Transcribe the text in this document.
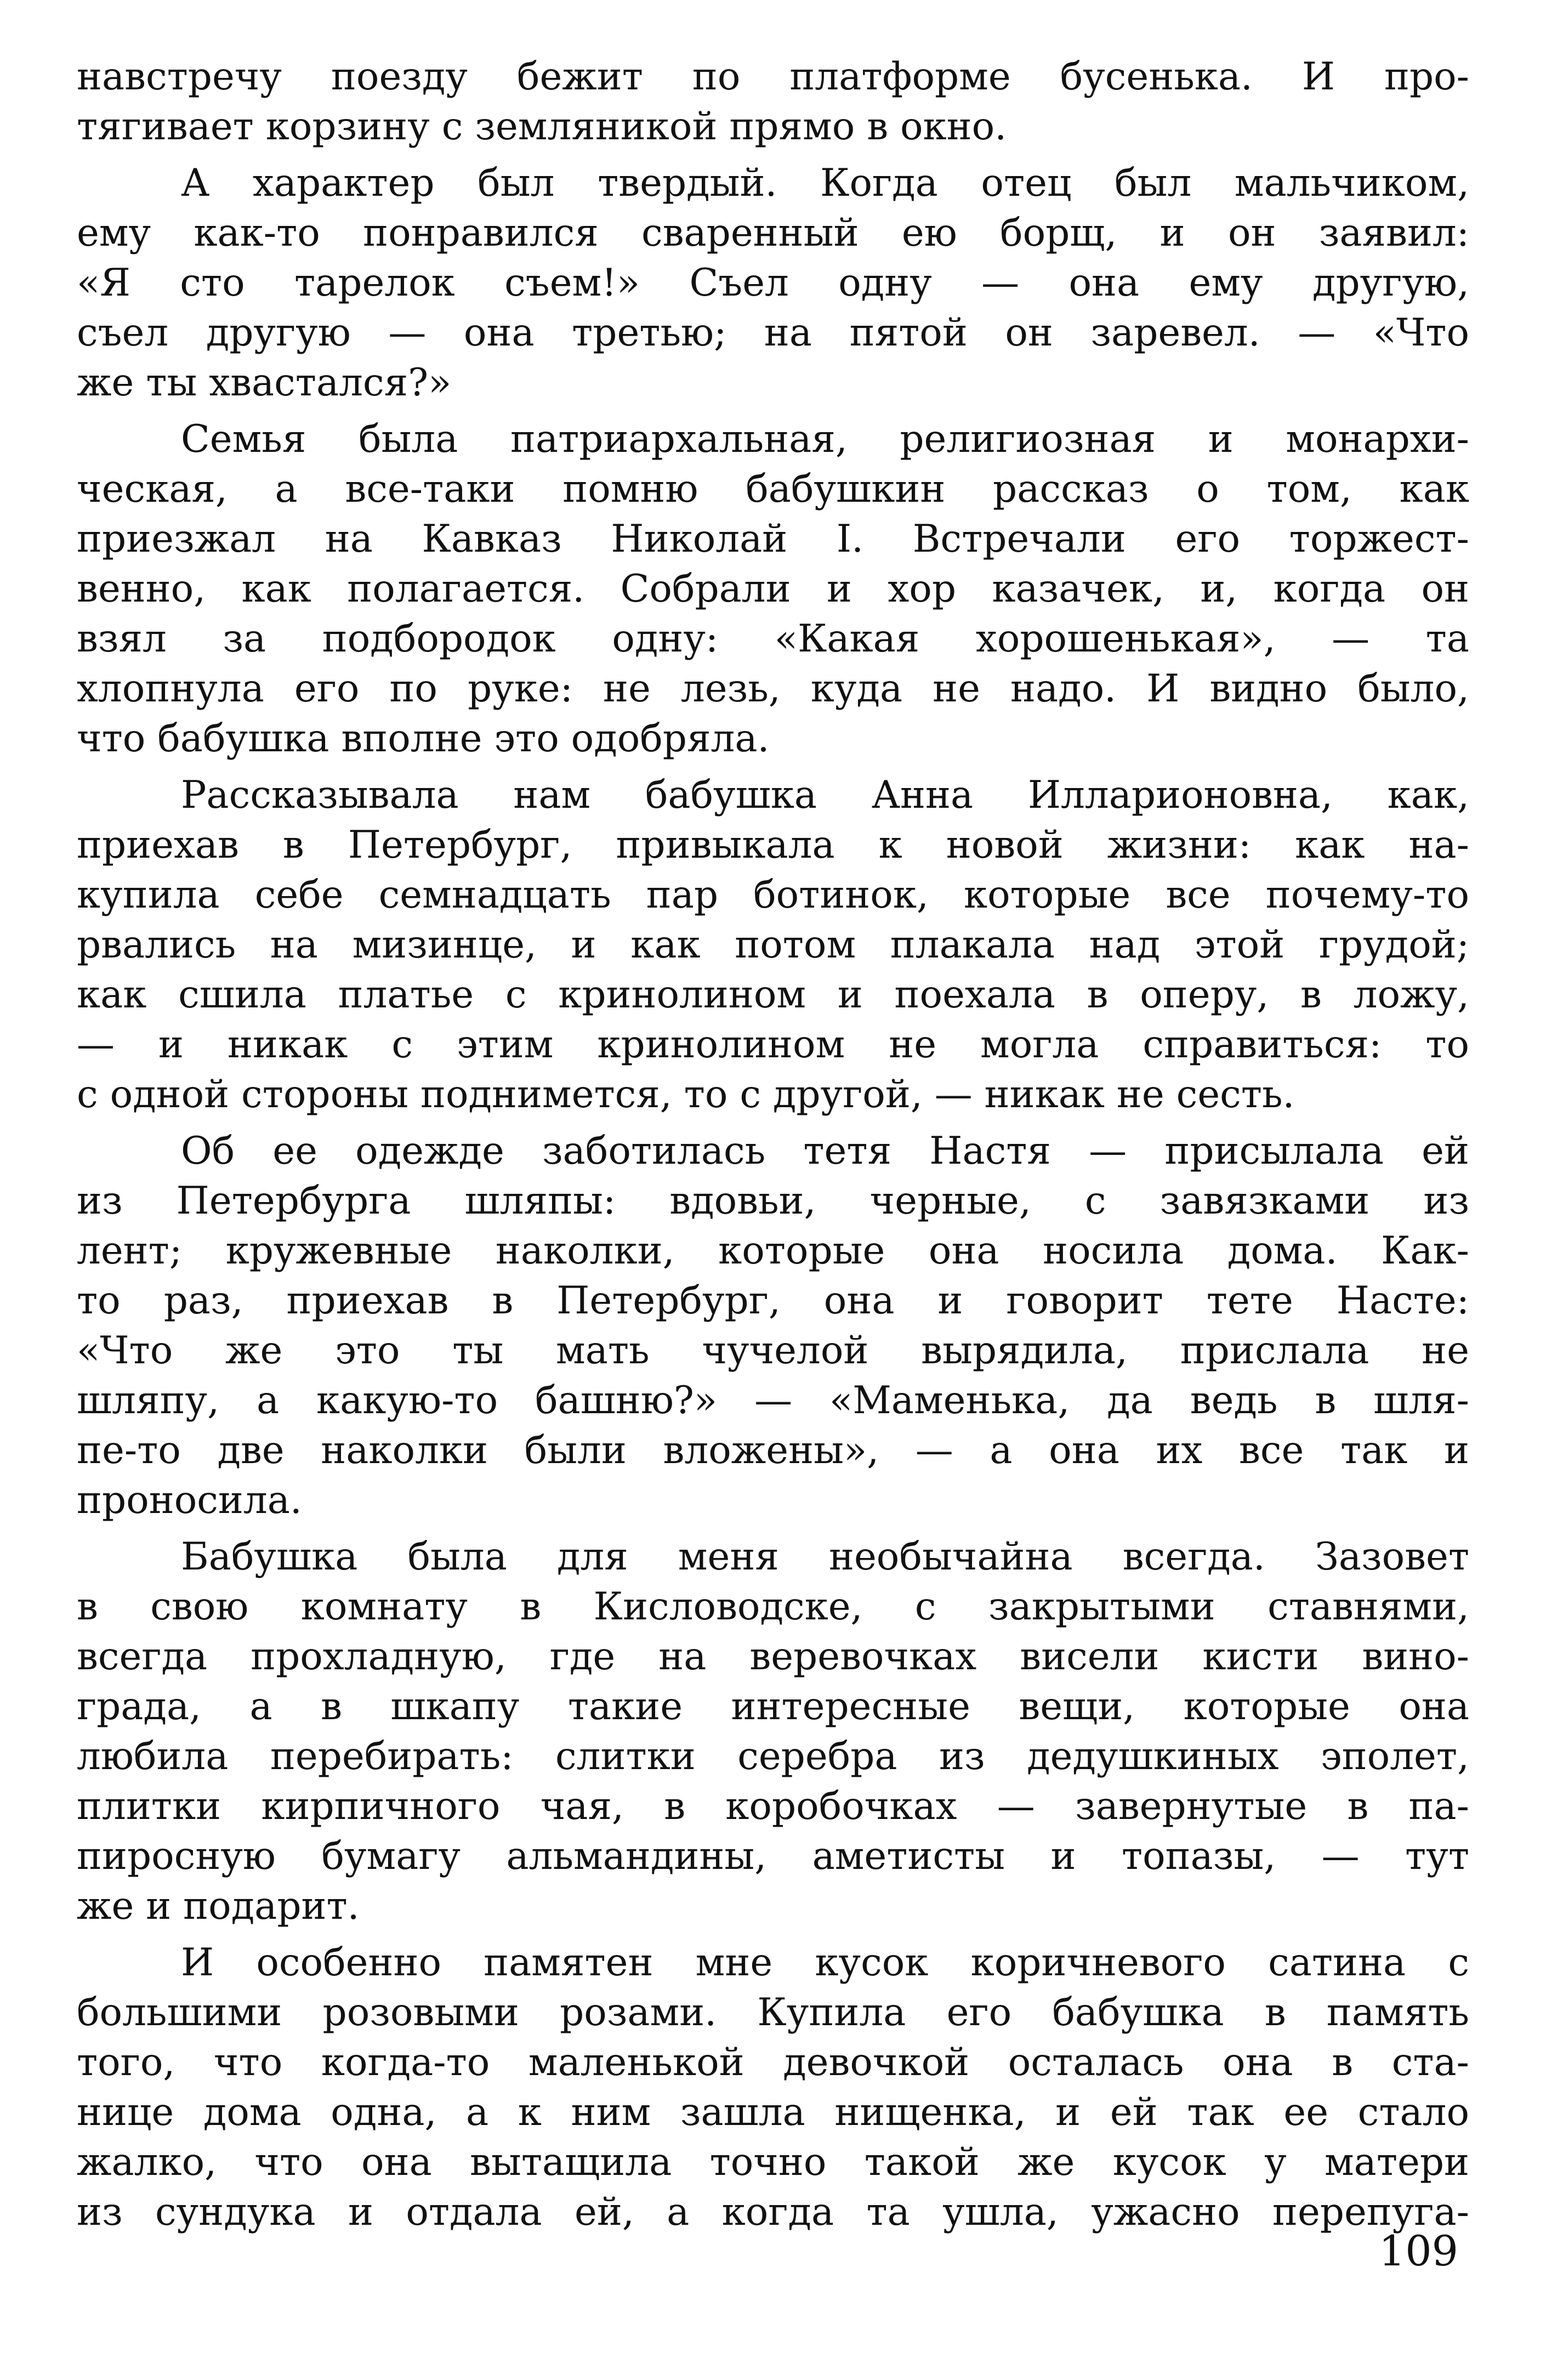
навстречу поезду бежит по платформе бусенька. И про-
тягивает корзину с земляникой прямо в окно.
А характер был твердый. Когда отец был мальчиком,
ему как-то понравился сваренный ею борщ, и он заявил:
«Я сто тарелок съем!» Съел одну — она ему другую,
съел другую — она третью; на пятой он заревел. — «Что
же ты хвастался?»
Семья была патриархальная, религиозная и монархи-
ческая, а все-таки помню бабушкин рассказ о том, как
приезжал на Кавказ Николай I. Встречали его торжест-
венно, как полагается. Собрали и хор казачек, и, когда он
взял за подбородок одну: «Какая хорошенькая», — та
хлопнула его по руке: не лезь, куда не надо. И видно было,
что бабушка вполне это одобряла.
Рассказывала нам бабушка Анна Илларионовна, как,
приехав в Петербург, привыкала к новой жизни: как на-
купила себе семнадцать пар ботинок, которые все почему-то
рвались на мизинце, и как потом плакала над этой грудой;
как сшила платье с кринолином и поехала в оперу, в ложу,
— и никак с этим кринолином не могла справиться: то
с одной стороны поднимется, то с другой, — никак не сесть.
Об ее одежде заботилась тетя Настя — присылала ей
из Петербурга шляпы: вдовьи, черные, с завязками из
лент; кружевные наколки, которые она носила дома. Как-
то раз, приехав в Петербург, она и говорит тете Насте:
«Что же это ты мать чучелой вырядила, прислала не
шляпу, а какую-то башню?» — «Маменька, да ведь в шля-
пе-то две наколки были вложены», — а она их все так и
проносила.
Бабушка была для меня необычайна всегда. Зазовет
в свою комнату в Кисловодске, с закрытыми ставнями,
всегда прохладную, где на веревочках висели кисти вино-
града, а в шкапу такие интересные вещи, которые она
любила перебирать: слитки серебра из дедушкиных эполет,
плитки кирпичного чая, в коробочках — завернутые в па-
пиросную бумагу альмандины, аметисты и топазы, — тут
же и подарит.
И особенно памятен мне кусок коричневого сатина с
большими розовыми розами. Купила его бабушка в память
того, что когда-то маленькой девочкой осталась она в ста-
нице дома одна, а к ним зашла нищенка, и ей так ее стало
жалко, что она вытащила точно такой же кусок у матери
из сундука и отдала ей, а когда та ушла, ужасно перепуга-
109
